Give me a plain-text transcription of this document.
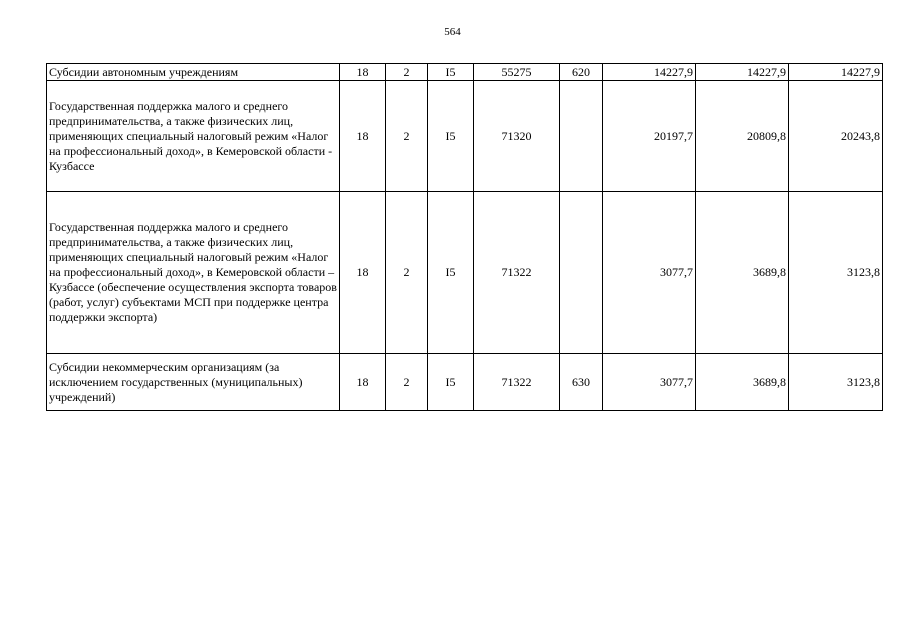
564
Субсидии автономным учреждениям	18	2	I5	55275	620	14227,9	14227,9	14227,9
Государственная поддержка малого и среднего предпринимательства, а также физических лиц, применяющих специальный налоговый режим «Налог на профессиональный доход», в Кемеровской области - Кузбассе	18	2	I5	71320		20197,7	20809,8	20243,8
Государственная поддержка малого и среднего предпринимательства, а также физических лиц, применяющих специальный налоговый режим «Налог на профессиональный доход», в Кемеровской области – Кузбассе (обеспечение осуществления экспорта товаров (работ, услуг) субъектами МСП при поддержке центра поддержки экспорта)	18	2	I5	71322		3077,7	3689,8	3123,8
Субсидии некоммерческим организациям (за исключением государственных (муниципальных) учреждений)	18	2	I5	71322	630	3077,7	3689,8	3123,8
